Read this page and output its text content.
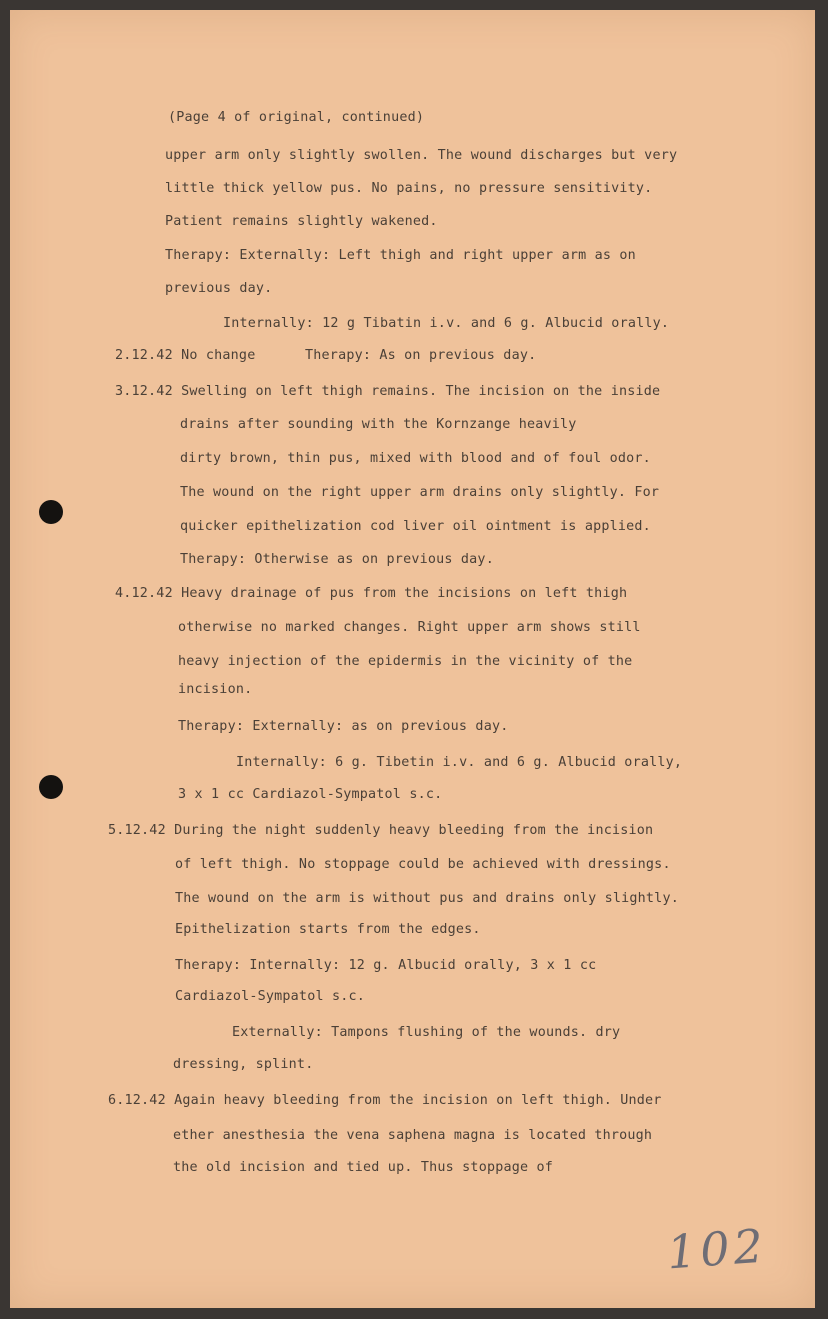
(Page 4 of original, continued)
upper arm only slightly swollen. The wound discharges but very
little thick yellow pus. No pains, no pressure sensitivity.
Patient remains slightly wakened.
Therapy: Externally: Left thigh and right upper arm as on
previous day.
Internally: 12 g Tibatin i.v. and 6 g. Albucid orally.
2.12.42 No change      Therapy: As on previous day.
3.12.42 Swelling on left thigh remains. The incision on the inside
drains after sounding with the Kornzange heavily
dirty brown, thin pus, mixed with blood and of foul odor.
The wound on the right upper arm drains only slightly. For
quicker epithelization cod liver oil ointment is applied.
Therapy: Otherwise as on previous day.
4.12.42 Heavy drainage of pus from the incisions on left thigh
otherwise no marked changes. Right upper arm shows still
heavy injection of the epidermis in the vicinity of the
incision.
Therapy: Externally: as on previous day.
Internally: 6 g. Tibetin i.v. and 6 g. Albucid orally,
3 x 1 cc Cardiazol-Sympatol s.c.
5.12.42 During the night suddenly heavy bleeding from the incision
of left thigh. No stoppage could be achieved with dressings.
The wound on the arm is without pus and drains only slightly.
Epithelization starts from the edges.
Therapy: Internally: 12 g. Albucid orally, 3 x 1 cc
Cardiazol-Sympatol s.c.
Externally: Tampons flushing of the wounds. dry
dressing, splint.
6.12.42 Again heavy bleeding from the incision on left thigh. Under
ether anesthesia the vena saphena magna is located through
the old incision and tied up. Thus stoppage of
102
